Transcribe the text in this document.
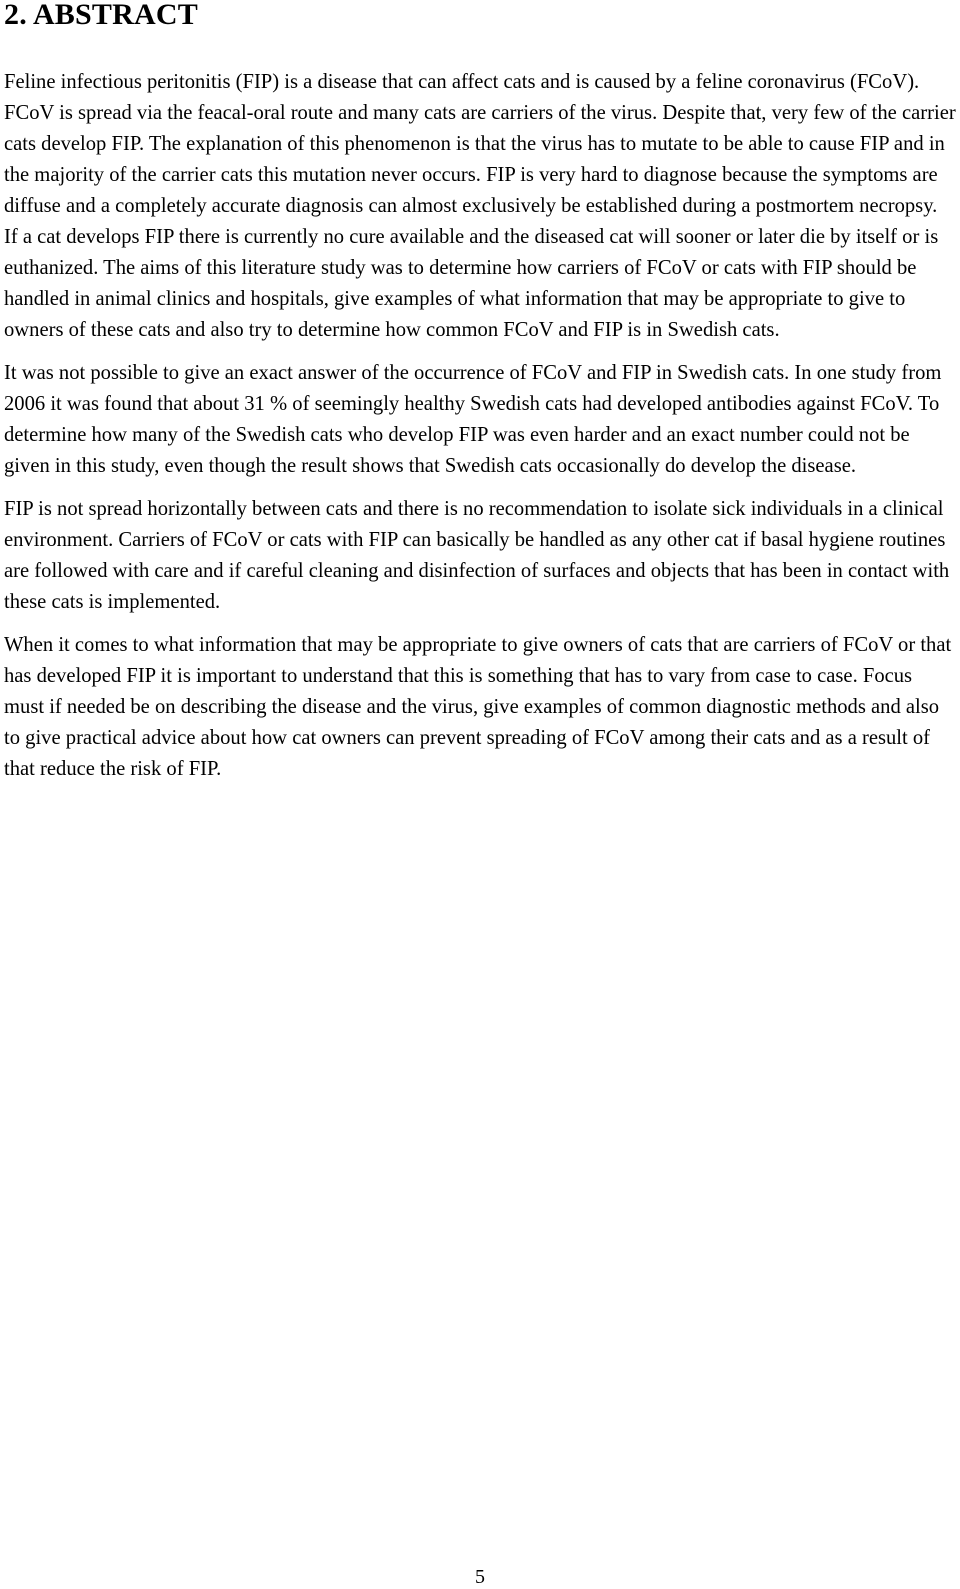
2. ABSTRACT

Feline infectious peritonitis (FIP) is a disease that can affect cats and is caused by a feline coronavirus (FCoV). FCoV is spread via the feacal-oral route and many cats are carriers of the virus. Despite that, very few of the carrier cats develop FIP. The explanation of this phenomenon is that the virus has to mutate to be able to cause FIP and in the majority of the carrier cats this mutation never occurs. FIP is very hard to diagnose because the symptoms are diffuse and a completely accurate diagnosis can almost exclusively be established during a postmortem necropsy. If a cat develops FIP there is currently no cure available and the diseased cat will sooner or later die by itself or is euthanized. The aims of this literature study was to determine how carriers of FCoV or cats with FIP should be handled in animal clinics and hospitals, give examples of what information that may be appropriate to give to owners of these cats and also try to determine how common FCoV and FIP is in Swedish cats.

It was not possible to give an exact answer of the occurrence of FCoV and FIP in Swedish cats. In one study from 2006 it was found that about 31 % of seemingly healthy Swedish cats had developed antibodies against FCoV. To determine how many of the Swedish cats who develop FIP was even harder and an exact number could not be given in this study, even though the result shows that Swedish cats occasionally do develop the disease.

FIP is not spread horizontally between cats and there is no recommendation to isolate sick individuals in a clinical environment. Carriers of FCoV or cats with FIP can basically be handled as any other cat if basal hygiene routines are followed with care and if careful cleaning and disinfection of surfaces and objects that has been in contact with these cats is implemented.

When it comes to what information that may be appropriate to give owners of cats that are carriers of FCoV or that has developed FIP it is important to understand that this is something that has to vary from case to case. Focus must if needed be on describing the disease and the virus, give examples of common diagnostic methods and also to give practical advice about how cat owners can prevent spreading of FCoV among their cats and as a result of that reduce the risk of FIP.

5
